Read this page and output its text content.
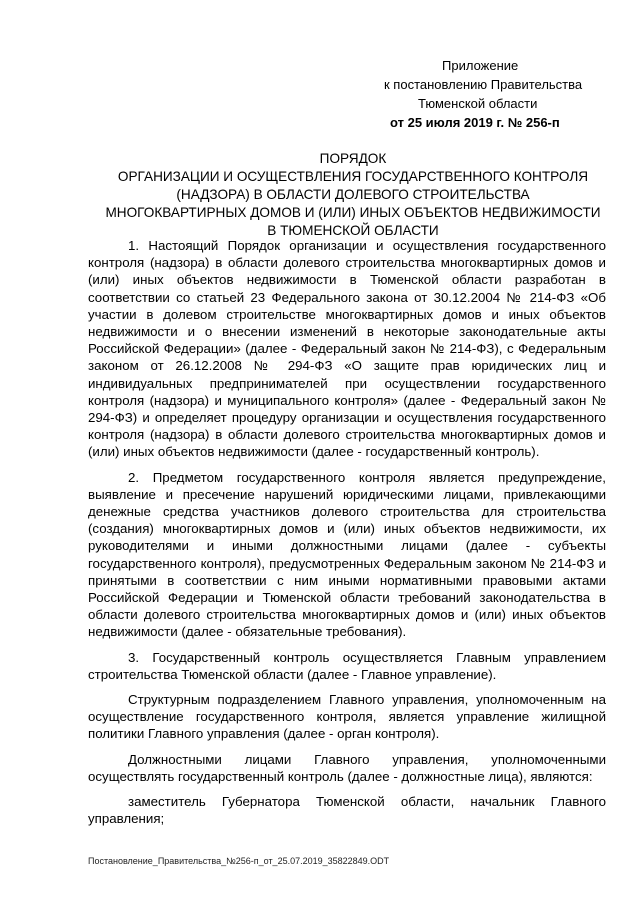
Приложение
к постановлению Правительства
Тюменской области
от 25 июля 2019 г. № 256-п
ПОРЯДОК
ОРГАНИЗАЦИИ И ОСУЩЕСТВЛЕНИЯ ГОСУДАРСТВЕННОГО КОНТРОЛЯ
(НАДЗОРА) В ОБЛАСТИ ДОЛЕВОГО СТРОИТЕЛЬСТВА
МНОГОКВАРТИРНЫХ ДОМОВ И (ИЛИ) ИНЫХ ОБЪЕКТОВ НЕДВИЖИМОСТИ
В ТЮМЕНСКОЙ ОБЛАСТИ

1. Настоящий Порядок организации и осуществления государственного контроля (надзора) в области долевого строительства многоквартирных домов и (или) иных объектов недвижимости в Тюменской области разработан в соответствии со статьей 23 Федерального закона от 30.12.2004 № 214-ФЗ «Об участии в долевом строительстве многоквартирных домов и иных объектов недвижимости и о внесении изменений в некоторые законодательные акты Российской Федерации» (далее - Федеральный закон № 214-ФЗ), с Федеральным законом от 26.12.2008 № 294-ФЗ «О защите прав юридических лиц и индивидуальных предпринимателей при осуществлении государственного контроля (надзора) и муниципального контроля» (далее - Федеральный закон № 294-ФЗ) и определяет процедуру организации и осуществления государственного контроля (надзора) в области долевого строительства многоквартирных домов и (или) иных объектов недвижимости (далее - государственный контроль).

2. Предметом государственного контроля является предупреждение, выявление и пресечение нарушений юридическими лицами, привлекающими денежные средства участников долевого строительства для строительства (создания) многоквартирных домов и (или) иных объектов недвижимости, их руководителями и иными должностными лицами (далее - субъекты государственного контроля), предусмотренных Федеральным законом № 214-ФЗ и принятыми в соответствии с ним иными нормативными правовыми актами Российской Федерации и Тюменской области требований законодательства в области долевого строительства многоквартирных домов и (или) иных объектов недвижимости (далее - обязательные требования).

3. Государственный контроль осуществляется Главным управлением строительства Тюменской области (далее - Главное управление).

Структурным подразделением Главного управления, уполномоченным на осуществление государственного контроля, является управление жилищной политики Главного управления (далее - орган контроля).

Должностными лицами Главного управления, уполномоченными осуществлять государственный контроль (далее - должностные лица), являются:

заместитель Губернатора Тюменской области, начальник Главного управления;

Постановление_Правительства_№256-п_от_25.07.2019_35822849.ODT
